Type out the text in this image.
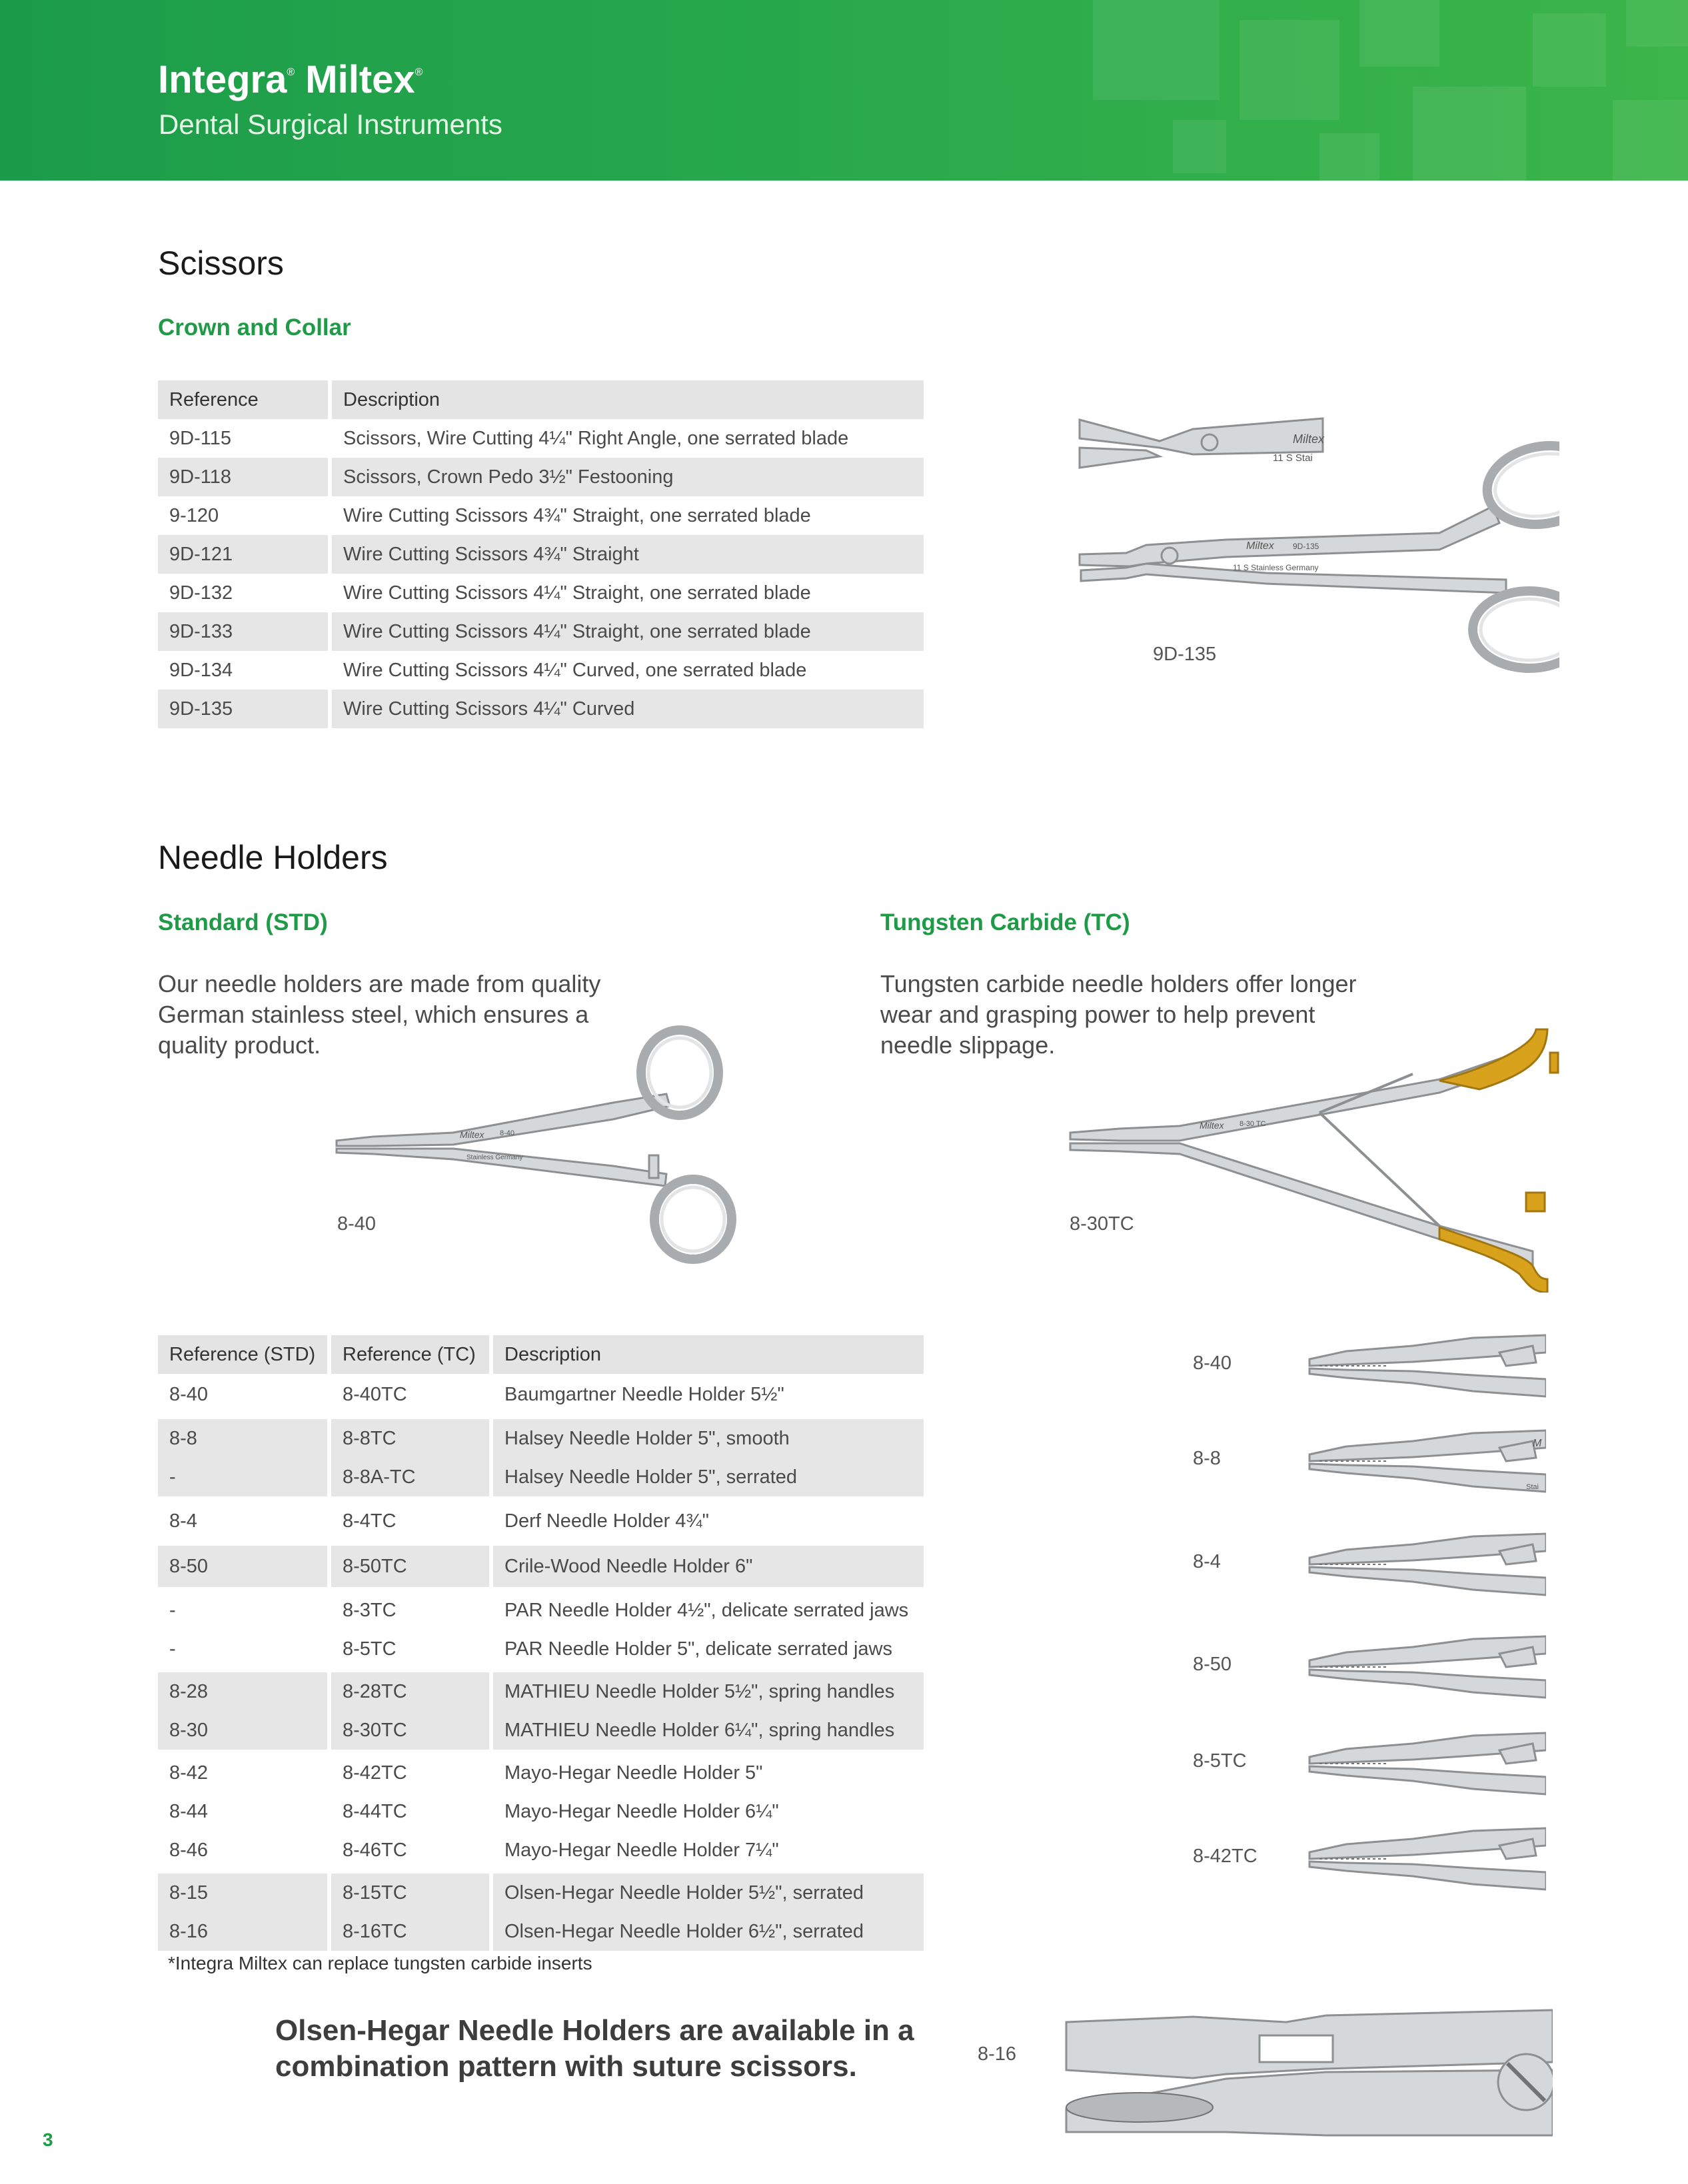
Integra® Miltex®
Dental Surgical Instruments
Scissors
Crown and Collar
Reference	Description
9D-115	Scissors, Wire Cutting 4¼" Right Angle, one serrated blade
9D-118	Scissors, Crown Pedo 3½" Festooning
9-120	Wire Cutting Scissors 4¾" Straight, one serrated blade
9D-121	Wire Cutting Scissors 4¾" Straight
9D-132	Wire Cutting Scissors 4¼" Straight, one serrated blade
9D-133	Wire Cutting Scissors 4¼" Straight, one serrated blade
9D-134	Wire Cutting Scissors 4¼" Curved, one serrated blade
9D-135	Wire Cutting Scissors 4¼" Curved
Miltex
11 S Stai
Miltex 9D-135
11 S Stainless Germany
9D-135
Needle Holders
Standard (STD)	Tungsten Carbide (TC)
Our needle holders are made from quality German stainless steel, which ensures a quality product.
Tungsten carbide needle holders offer longer wear and grasping power to help prevent needle slippage.
Miltex 8-40
Stainless Germany
8-40
Miltex 8-30 TC
8-30TC
Reference (STD)	Reference (TC)	Description
8-40	8-40TC	Baumgartner Needle Holder 5½"

8-8	8-8TC	Halsey Needle Holder 5", smooth
-	8-8A-TC	Halsey Needle Holder 5", serrated

8-4	8-4TC	Derf Needle Holder 4¾"

8-50	8-50TC	Crile-Wood Needle Holder 6"

-	8-3TC	PAR Needle Holder 4½", delicate serrated jaws
-	8-5TC	PAR Needle Holder 5", delicate serrated jaws

8-28	8-28TC	MATHIEU Needle Holder 5½", spring handles
8-30	8-30TC	MATHIEU Needle Holder 6¼", spring handles

8-42	8-42TC	Mayo-Hegar Needle Holder 5"
8-44	8-44TC	Mayo-Hegar Needle Holder 6¼"
8-46	8-46TC	Mayo-Hegar Needle Holder 7¼"

8-15	8-15TC	Olsen-Hegar Needle Holder 5½", serrated
8-16	8-16TC	Olsen-Hegar Needle Holder 6½", serrated
*Integra Miltex can replace tungsten carbide inserts
8-40
8-8
M
Stai
8-4
8-50
8-5TC
8-42TC
Olsen-Hegar Needle Holders are available in a combination pattern with suture scissors.	8-16
3
